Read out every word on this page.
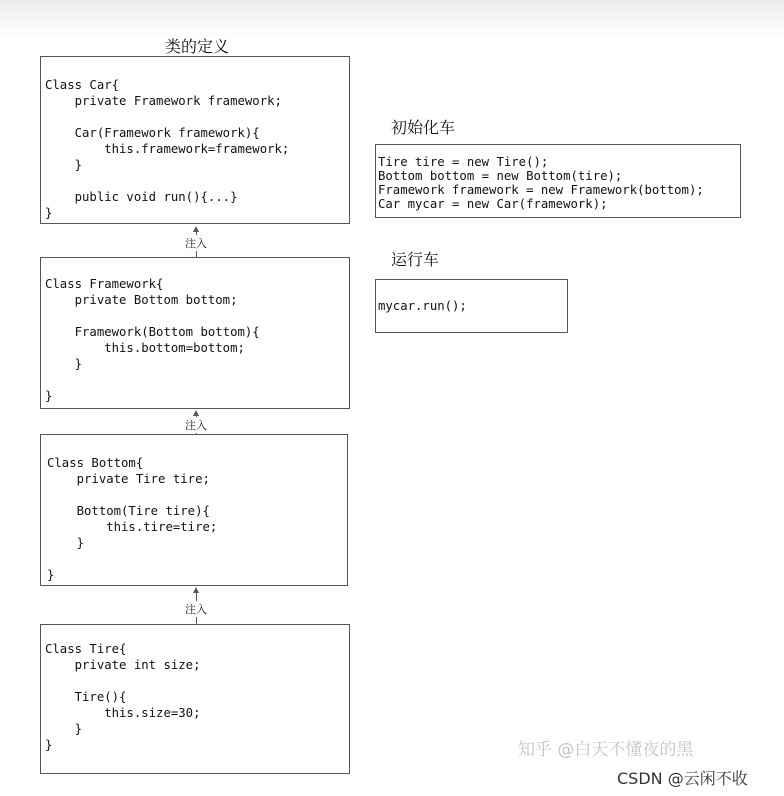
类的定义
Class Car{
private Framework framework;

Car(Framework framework){
this.framework=framework;
}

public void run(){...}
}
注入
Class Framework{
private Bottom bottom;

Framework(Bottom bottom){
this.bottom=bottom;
}

}
注入
Class Bottom{
private Tire tire;

Bottom(Tire tire){
this.tire=tire;
}

}
注入
Class Tire{
private int size;

Tire(){
this.size=30;
}
}
初始化车
Tire tire = new Tire();
Bottom bottom = new Bottom(tire);
Framework framework = new Framework(bottom);
Car mycar = new Car(framework);
运行车
mycar.run();
知乎 @白天不懂夜的黑
CSDN @云闲不收
